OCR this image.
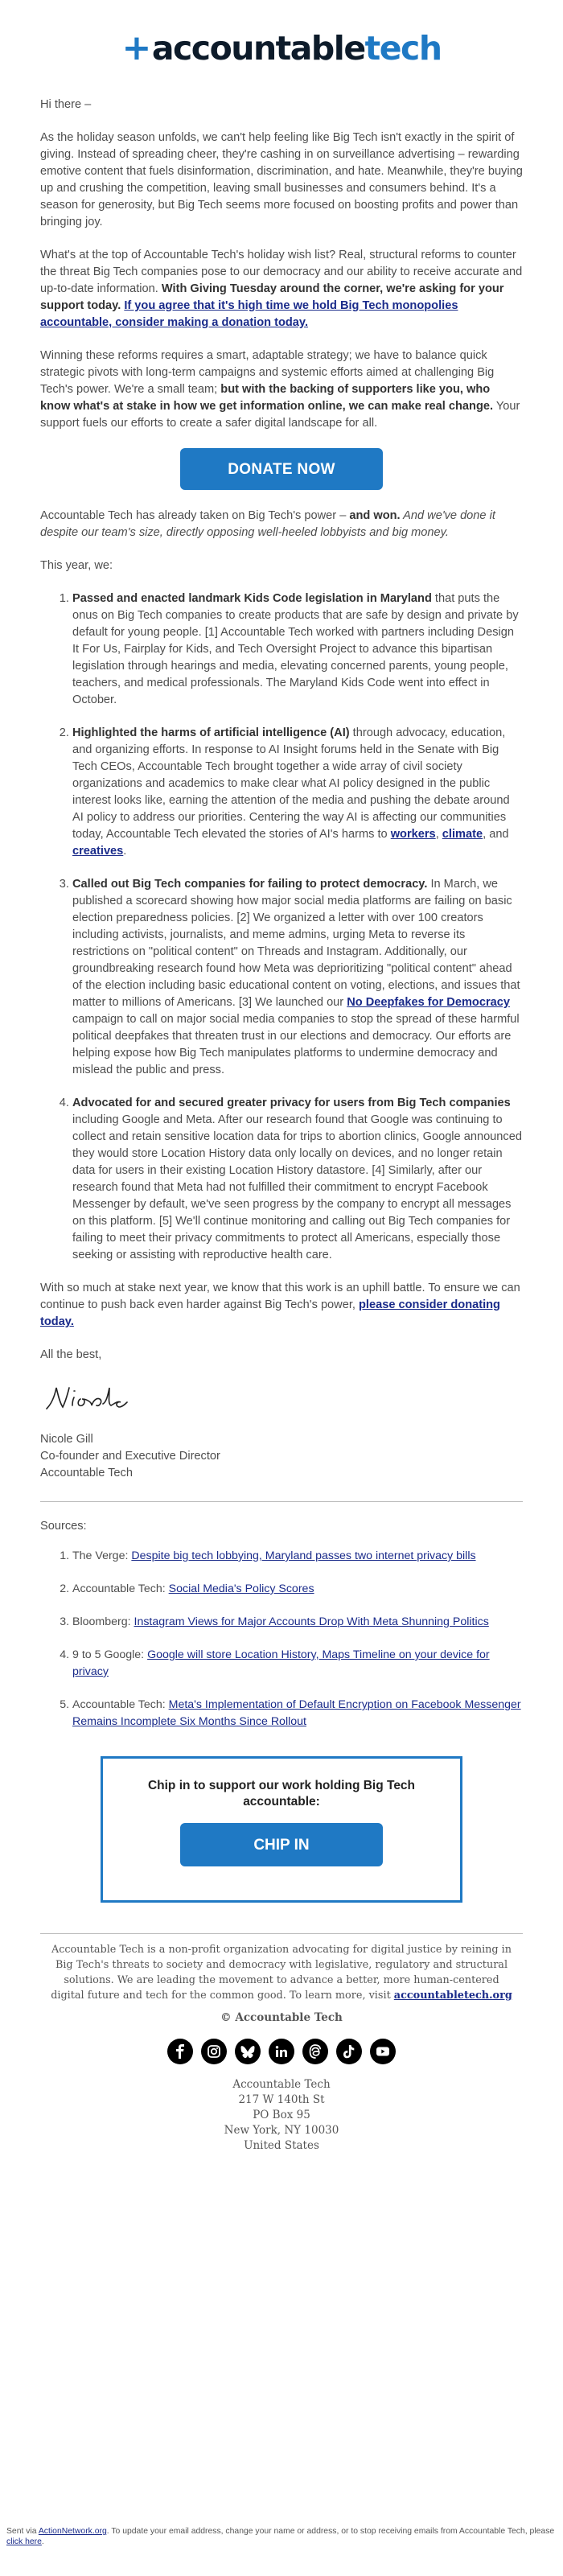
+ accountable tech

Hi there –

As the holiday season unfolds, we can't help feeling like Big Tech isn't exactly in the spirit of giving. Instead of spreading cheer, they're cashing in on surveillance advertising – rewarding emotive content that fuels disinformation, discrimination, and hate. Meanwhile, they're buying up and crushing the competition, leaving small businesses and consumers behind. It's a season for generosity, but Big Tech seems more focused on boosting profits and power than bringing joy.

What's at the top of Accountable Tech's holiday wish list? Real, structural reforms to counter the threat Big Tech companies pose to our democracy and our ability to receive accurate and up-to-date information. With Giving Tuesday around the corner, we're asking for your support today. If you agree that it's high time we hold Big Tech monopolies accountable, consider making a donation today.

Winning these reforms requires a smart, adaptable strategy; we have to balance quick strategic pivots with long-term campaigns and systemic efforts aimed at challenging Big Tech's power. We're a small team; but with the backing of supporters like you, who know what's at stake in how we get information online, we can make real change. Your support fuels our efforts to create a safer digital landscape for all.

DONATE NOW

Accountable Tech has already taken on Big Tech's power – and won. And we've done it despite our team's size, directly opposing well-heeled lobbyists and big money.

This year, we:

1. Passed and enacted landmark Kids Code legislation in Maryland that puts the onus on Big Tech companies to create products that are safe by design and private by default for young people. [1] Accountable Tech worked with partners including Design It For Us, Fairplay for Kids, and Tech Oversight Project to advance this bipartisan legislation through hearings and media, elevating concerned parents, young people, teachers, and medical professionals. The Maryland Kids Code went into effect in October.
2. Highlighted the harms of artificial intelligence (AI) through advocacy, education, and organizing efforts. In response to AI Insight forums held in the Senate with Big Tech CEOs, Accountable Tech brought together a wide array of civil society organizations and academics to make clear what AI policy designed in the public interest looks like, earning the attention of the media and pushing the debate around AI policy to address our priorities. Centering the way AI is affecting our communities today, Accountable Tech elevated the stories of AI's harms to workers, climate, and creatives.
3. Called out Big Tech companies for failing to protect democracy. In March, we published a scorecard showing how major social media platforms are failing on basic election preparedness policies. [2] We organized a letter with over 100 creators including activists, journalists, and meme admins, urging Meta to reverse its restrictions on "political content" on Threads and Instagram. Additionally, our groundbreaking research found how Meta was deprioritizing "political content" ahead of the election including basic educational content on voting, elections, and issues that matter to millions of Americans. [3] We launched our No Deepfakes for Democracy campaign to call on major social media companies to stop the spread of these harmful political deepfakes that threaten trust in our elections and democracy. Our efforts are helping expose how Big Tech manipulates platforms to undermine democracy and mislead the public and press.
4. Advocated for and secured greater privacy for users from Big Tech companies including Google and Meta. After our research found that Google was continuing to collect and retain sensitive location data for trips to abortion clinics, Google announced they would store Location History data only locally on devices, and no longer retain data for users in their existing Location History datastore. [4] Similarly, after our research found that Meta had not fulfilled their commitment to encrypt Facebook Messenger by default, we've seen progress by the company to encrypt all messages on this platform. [5] We'll continue monitoring and calling out Big Tech companies for failing to meet their privacy commitments to protect all Americans, especially those seeking or assisting with reproductive health care.

With so much at stake next year, we know that this work is an uphill battle. To ensure we can continue to push back even harder against Big Tech's power, please consider donating today.

All the best,

Nicole Gill
Co-founder and Executive Director
Accountable Tech
Sources:
1. The Verge: Despite big tech lobbying, Maryland passes two internet privacy bills
2. Accountable Tech: Social Media's Policy Scores
3. Bloomberg: Instagram Views for Major Accounts Drop With Meta Shunning Politics
4. 9 to 5 Google: Google will store Location History, Maps Timeline on your device for privacy
5. Accountable Tech: Meta's Implementation of Default Encryption on Facebook Messenger Remains Incomplete Six Months Since Rollout
Chip in to support our work holding Big Tech accountable:
CHIP IN
Accountable Tech is a non-profit organization advocating for digital justice by reining in Big Tech's threats to society and democracy with legislative, regulatory and structural solutions. We are leading the movement to advance a better, more human-centered digital future and tech for the common good. To learn more, visit accountabletech.org
© Accountable Tech
Accountable Tech
217 W 140th St
PO Box 95
New York, NY 10030
United States
Sent via ActionNetwork.org. To update your email address, change your name or address, or to stop receiving emails from Accountable Tech, please click here.
